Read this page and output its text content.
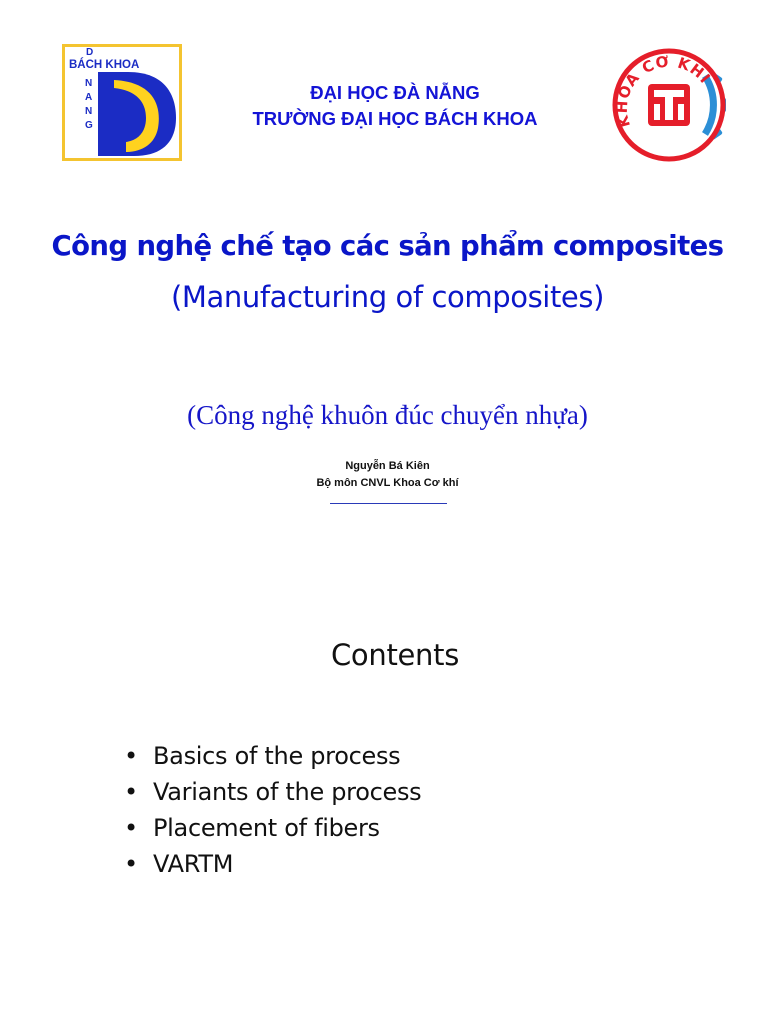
D
BÁCH KHOA
N
A
N
G
ĐẠI HỌC ĐÀ NẴNG
TRƯỜNG ĐẠI HỌC BÁCH KHOA	KHOA CƠ KHÍ
Công nghệ chế tạo các sản phẩm composites
(Manufacturing of composites)
(Công nghệ khuôn đúc chuyển nhựa)
Nguyễn Bá Kiên
Bộ môn CNVL Khoa Cơ khí
Contents
• Basics of the process
• Variants of the process
• Placement of fibers
• VARTM
